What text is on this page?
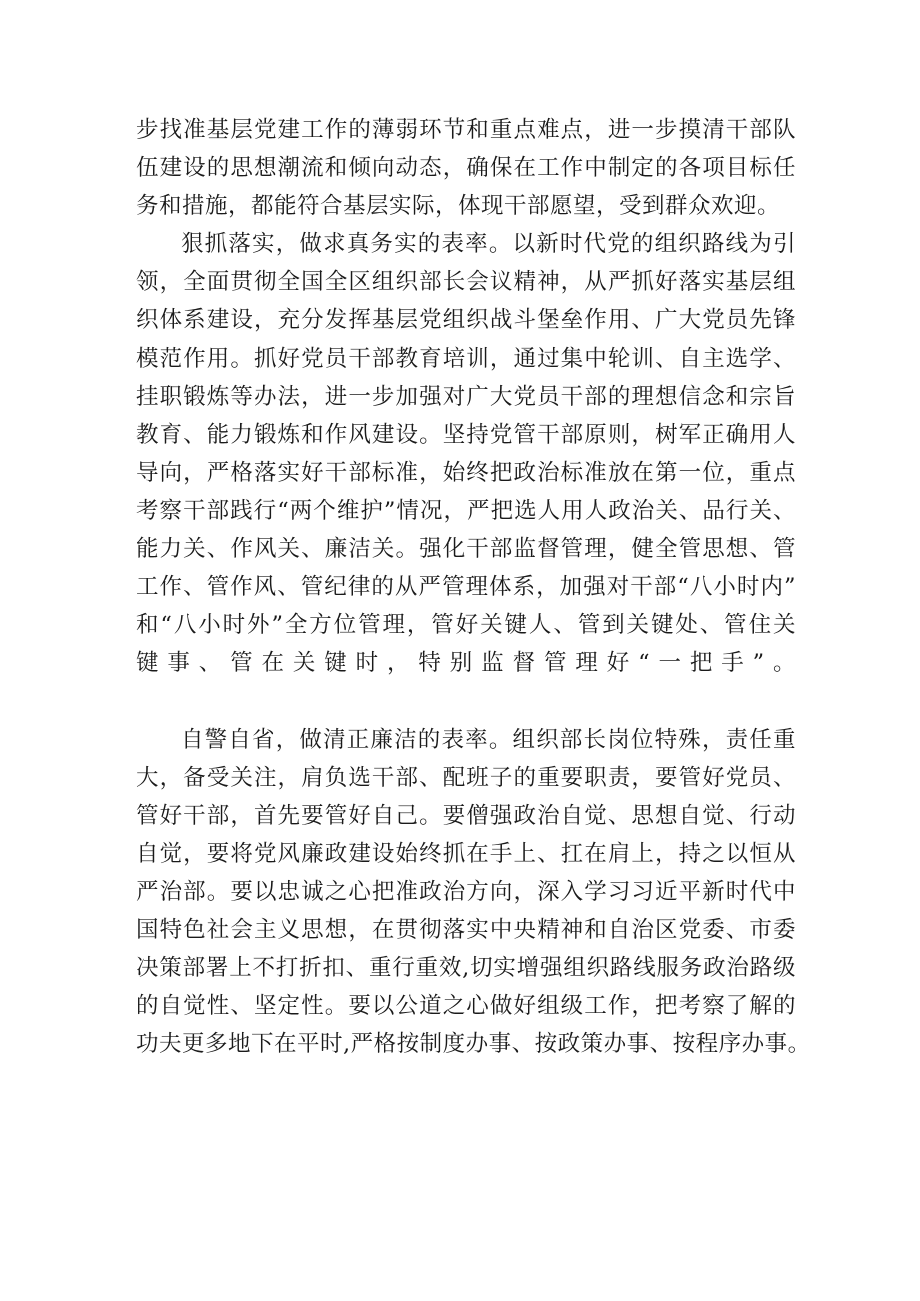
步找准基层党建工作的薄弱环节和重点难点，进一步摸清干部队
伍建设的思想潮流和倾向动态，确保在工作中制定的各项目标任
务和措施，都能符合基层实际，体现干部愿望，受到群众欢迎。
狠抓落实，做求真务实的表率。以新时代党的组织路线为引
领，全面贯彻全国全区组织部长会议精神，从严抓好落实基层组
织体系建设，充分发挥基层党组织战斗堡垒作用、广大党员先锋
模范作用。抓好党员干部教育培训，通过集中轮训、自主选学、
挂职锻炼等办法，进一步加强对广大党员干部的理想信念和宗旨
教育、能力锻炼和作风建设。坚持党管干部原则，树军正确用人
导向，严格落实好干部标准，始终把政治标准放在第一位，重点
考察干部践行“两个维护”情况，严把选人用人政治关、品行关、
能力关、作风关、廉洁关。强化干部监督管理，健全管思想、管
工作、管作风、管纪律的从严管理体系，加强对干部“八小时内”
和“八小时外”全方位管理，管好关键人、管到关键处、管住关
键事、管在关键时，特别监督管理好“一把手”。
自警自省，做清正廉洁的表率。组织部长岗位特殊，责任重
大，备受关注，肩负选干部、配班子的重要职责，要管好党员、
管好干部，首先要管好自己。要僧强政治自觉、思想自觉、行动
自觉，要将党风廉政建设始终抓在手上、扛在肩上，持之以恒从
严治部。要以忠诚之心把准政治方向，深入学习习近平新时代中
国特色社会主义思想，在贯彻落实中央精神和自治区党委、市委
决策部署上不打折扣、重行重效,切实增强组织路线服务政治路级
的自觉性、坚定性。要以公道之心做好组级工作，把考察了解的
功夫更多地下在平时,严格按制度办事、按政策办事、按程序办事。
